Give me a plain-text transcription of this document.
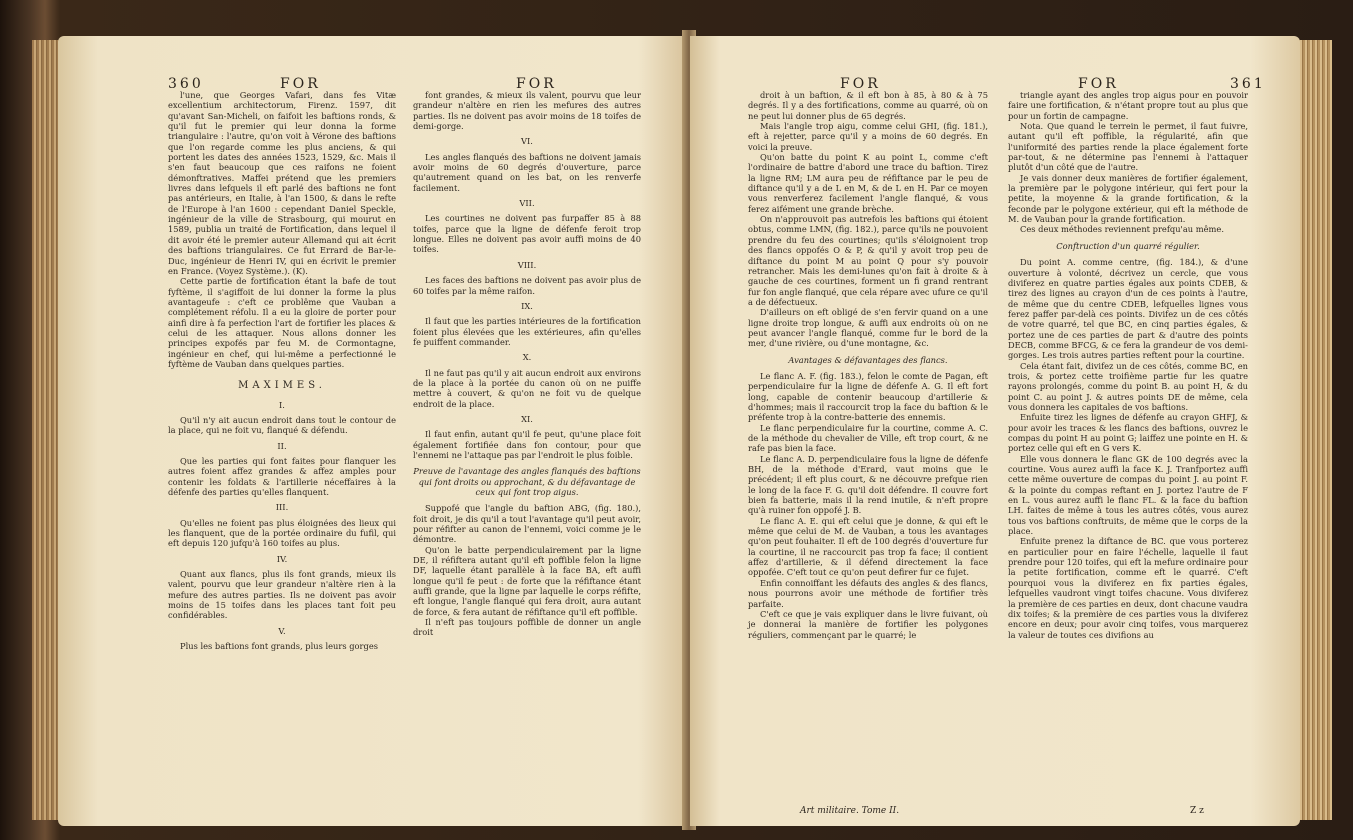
360	FOR	FOR

l'une, que Georges Vafari, dans fes Vitæ excellentium architectorum, Firenz. 1597, dit qu'avant San-Micheli, on faifoit les baftions ronds, & qu'il fut le premier qui leur donna la forme triangulaire : l'autre, qu'on voit à Vérone des baftions que l'on regarde comme les plus anciens, & qui portent les dates des années 1523, 1529, &c. Mais il s'en faut beaucoup que ces raifons ne foient démonftratives. Maffei prétend que les premiers livres dans lefquels il eft parlé des baftions ne font pas antérieurs, en Italie, à l'an 1500, & dans le refte de l'Europe à l'an 1600 : cependant Daniel Speckle, ingénieur de la ville de Strasbourg, qui mourut en 1589, publia un traité de Fortification, dans lequel il dit avoir été le premier auteur Allemand qui ait écrit des baftions triangulaires. Ce fut Errard de Bar-le-Duc, ingénieur de Henri IV, qui en écrivit le premier en France. (Voyez Système.). (K).

Cette partie de fortification étant la bafe de tout fyftème, il s'agiffoit de lui donner la forme la plus avantageufe : c'eft ce problême que Vauban a complétement réfolu. Il a eu la gloire de porter pour ainfi dire à fa perfection l'art de fortifier les places & celui de les attaquer. Nous allons donner les principes expofés par feu M. de Cormontagne, ingénieur en chef, qui lui-même a perfectionné le fyftème de Vauban dans quelques parties.

MAXIMES.

I.

Qu'il n'y ait aucun endroit dans tout le contour de la place, qui ne foit vu, flanqué & défendu.

II.

Que les parties qui font faites pour flanquer les autres foient affez grandes & affez amples pour contenir les foldats & l'artillerie néceffaires à la défenfe des parties qu'elles flanquent.

III.

Qu'elles ne foient pas plus éloignées des lieux qui les flanquent, que de la portée ordinaire du fufil, qui eft depuis 120 jufqu'à 160 toifes au plus.

IV.

Quant aux flancs, plus ils font grands, mieux ils valent, pourvu que leur grandeur n'altère rien à la mefure des autres parties. Ils ne doivent pas avoir moins de 15 toifes dans les places tant foit peu confidérables.

V.

Plus les baftions font grands, plus leurs gorges

font grandes, & mieux ils valent, pourvu que leur grandeur n'altère en rien les mefures des autres parties. Ils ne doivent pas avoir moins de 18 toifes de demi-gorge.

VI.

Les angles flanqués des baftions ne doivent jamais avoir moins de 60 degrés d'ouverture, parce qu'autrement quand on les bat, on les renverfe facilement.

VII.

Les courtines ne doivent pas furpaffer 85 à 88 toifes, parce que la ligne de défenfe feroit trop longue. Elles ne doivent pas avoir auffi moins de 40 toifes.

VIII.

Les faces des baftions ne doivent pas avoir plus de 60 toifes par la même raifon.

IX.

Il faut que les parties intérieures de la fortification foient plus élevées que les extérieures, afin qu'elles fe puiffent commander.

X.

Il ne faut pas qu'il y ait aucun endroit aux environs de la place à la portée du canon où on ne puiffe mettre à couvert, & qu'on ne foit vu de quelque endroit de la place.

XI.

Il faut enfin, autant qu'il fe peut, qu'une place foit également fortifiée dans fon contour, pour que l'ennemi ne l'attaque pas par l'endroit le plus foible.

Preuve de l'avantage des angles flanqués des baftions qui font droits ou approchant, & du défavantage de ceux qui font trop aigus.

Suppofé que l'angle du baftion ABG, (fig. 180.), foit droit, je dis qu'il a tout l'avantage qu'il peut avoir, pour réfifter au canon de l'ennemi, voici comme je le démontre.

Qu'on le batte perpendiculairement par la ligne DE, il réfiftera autant qu'il eft poffible felon la ligne DF, laquelle étant parallèle à la face BA, eft auffi longue qu'il fe peut : de forte que la réfiftance étant auffi grande, que la ligne par laquelle le corps réfifte, eft longue, l'angle flanqué qui fera droit, aura autant de force, & fera autant de réfiftance qu'il eft poffible.

Il n'eft pas toujours poffible de donner un angle droit

FOR	FOR	361

droit à un baftion, & il eft bon à 85, à 80 & à 75 degrés. Il y a des fortifications, comme au quarré, où on ne peut lui donner plus de 65 degrés.

Mais l'angle trop aigu, comme celui GHI, (fig. 181.), eft à rejetter, parce qu'il y a moins de 60 degrés. En voici la preuve.

Qu'on batte du point K au point L, comme c'eft l'ordinaire de battre d'abord une trace du baftion. Tirez la ligne RM; LM aura peu de réfiftance par le peu de diftance qu'il y a de L en M, & de L en H. Par ce moyen vous renverferez facilement l'angle flanqué, & vous ferez aifément une grande brèche.

On n'approuvoit pas autrefois les baftions qui étoient obtus, comme LMN, (fig. 182.), parce qu'ils ne pouvoient prendre du feu des courtines; qu'ils s'éloignoient trop des flancs oppofés O & P, & qu'il y avoit trop peu de diftance du point M au point Q pour s'y pouvoir retrancher. Mais les demi-lunes qu'on fait à droite & à gauche de ces courtines, forment un fi grand rentrant fur fon angle flanqué, que cela répare avec ufure ce qu'il a de défectueux.

D'ailleurs on eft obligé de s'en fervir quand on a une ligne droite trop longue, & auffi aux endroits où on ne peut avancer l'angle flanqué, comme fur le bord de la mer, d'une rivière, ou d'une montagne, &c.

Avantages & défavantages des flancs.

Le flanc A. F. (fig. 183.), felon le comte de Pagan, eft perpendiculaire fur la ligne de défenfe A. G. Il eft fort long, capable de contenir beaucoup d'artillerie & d'hommes; mais il raccourcit trop la face du baftion & le préfente trop à la contre-batterie des ennemis.

Le flanc perpendiculaire fur la courtine, comme A. C. de la méthode du chevalier de Ville, eft trop court, & ne rafe pas bien la face.

Le flanc A. D. perpendiculaire fous la ligne de défenfe BH, de la méthode d'Erard, vaut moins que le précédent; il eft plus court, & ne découvre prefque rien le long de la face F. G. qu'il doit défendre. Il couvre fort bien fa batterie, mais il la rend inutile, & n'eft propre qu'à ruiner fon oppofé J. B.

Le flanc A. E. qui eft celui que je donne, & qui eft le même que celui de M. de Vauban, a tous les avantages qu'on peut fouhaiter. Il eft de 100 degrés d'ouverture fur la courtine, il ne raccourcit pas trop fa face; il contient affez d'artillerie, & il défend directement la face oppofée. C'eft tout ce qu'on peut defirer fur ce fujet.

Enfin connoiffant les défauts des angles & des flancs, nous pourrons avoir une méthode de fortifier très parfaite.

C'eft ce que je vais expliquer dans le livre fuivant, où je donnerai la manière de fortifier les polygones réguliers, commençant par le quarré; le

triangle ayant des angles trop aigus pour en pouvoir faire une fortification, & n'étant propre tout au plus que pour un fortin de campagne.

Nota. Que quand le terrein le permet, il faut fuivre, autant qu'il eft poffible, la régularité, afin que l'uniformité des parties rende la place également forte par-tout, & ne détermine pas l'ennemi à l'attaquer plutôt d'un côté que de l'autre.

Je vais donner deux manières de fortifier également, la première par le polygone intérieur, qui fert pour la petite, la moyenne & la grande fortification, & la feconde par le polygone extérieur, qui eft la méthode de M. de Vauban pour la grande fortification.

Ces deux méthodes reviennent prefqu'au même.

Conftruction d'un quarré régulier.

Du point A. comme centre, (fig. 184.), & d'une ouverture à volonté, décrivez un cercle, que vous diviferez en quatre parties égales aux points CDEB, & tirez des lignes au crayon d'un de ces points à l'autre, de même que du centre CDEB, lefquelles lignes vous ferez paffer par-delà ces points. Divifez un de ces côtés de votre quarré, tel que BC, en cinq parties égales, & portez une de ces parties de part & d'autre des points DECB, comme BFCG, & ce fera la grandeur de vos demi-gorges. Les trois autres parties reftent pour la courtine.

Cela étant fait, divifez un de ces côtés, comme BC, en trois, & portez cette troifième partie fur les quatre rayons prolongés, comme du point B. au point H, & du point C. au point J. & autres points DE de même, cela vous donnera les capitales de vos baftions.

Enfuite tirez les lignes de défenfe au crayon GHFJ, & pour avoir les traces & les flancs des baftions, ouvrez le compas du point H au point G; laiffez une pointe en H. & portez celle qui eft en G vers K.

Elle vous donnera le flanc GK de 100 degrés avec la courtine. Vous aurez auffi la face K. J. Tranfportez auffi cette même ouverture de compas du point J. au point F. & la pointe du compas reftant en J. portez l'autre de F en L. vous aurez auffi le flanc FL. & la face du baftion LH. faites de même à tous les autres côtés, vous aurez tous vos baftions conftruits, de même que le corps de la place.

Enfuite prenez la diftance de BC. que vous porterez en particulier pour en faire l'échelle, laquelle il faut prendre pour 120 toifes, qui eft la mefure ordinaire pour la petite fortification, comme eft le quarré. C'eft pourquoi vous la diviferez en fix parties égales, lefquelles vaudront vingt toifes chacune. Vous diviferez la première de ces parties en deux, dont chacune vaudra dix toifes; & la première de ces parties vous la diviferez encore en deux; pour avoir cinq toifes, vous marquerez la valeur de toutes ces divifions au

Art militaire. Tome II.	Z z
